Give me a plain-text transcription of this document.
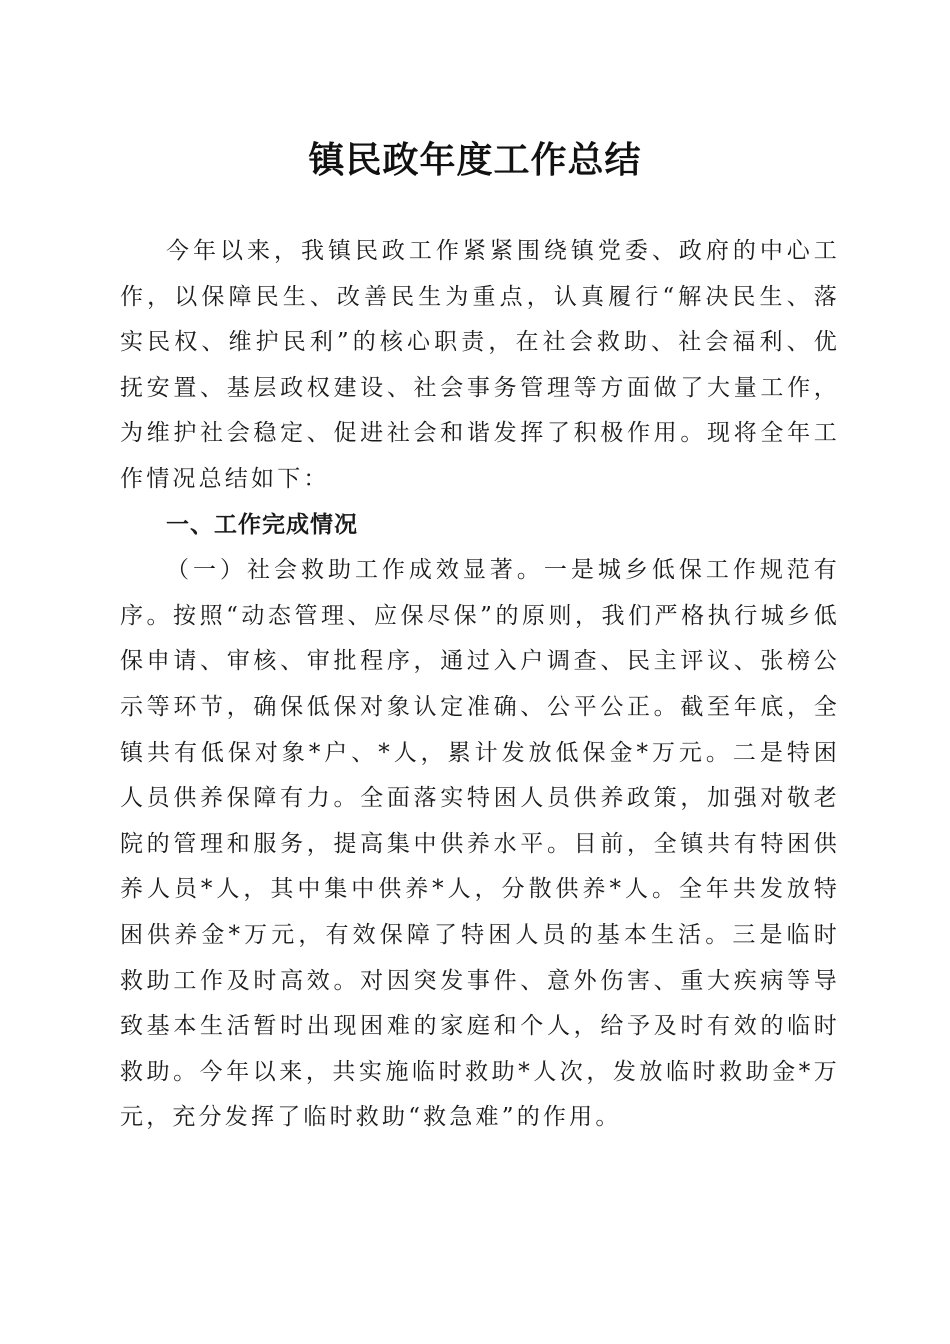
镇民政年度工作总结

今年以来，我镇民政工作紧紧围绕镇党委、政府的中心工作，以保障民生、改善民生为重点，认真履行“解决民生、落实民权、维护民利”的核心职责，在社会救助、社会福利、优抚安置、基层政权建设、社会事务管理等方面做了大量工作，为维护社会稳定、促进社会和谐发挥了积极作用。现将全年工作情况总结如下：

一、工作完成情况

（一）社会救助工作成效显著。一是城乡低保工作规范有序。按照“动态管理、应保尽保”的原则，我们严格执行城乡低保申请、审核、审批程序，通过入户调查、民主评议、张榜公示等环节，确保低保对象认定准确、公平公正。截至年底，全镇共有低保对象*户、*人，累计发放低保金*万元。二是特困人员供养保障有力。全面落实特困人员供养政策，加强对敬老院的管理和服务，提高集中供养水平。目前，全镇共有特困供养人员*人，其中集中供养*人，分散供养*人。全年共发放特困供养金*万元，有效保障了特困人员的基本生活。三是临时救助工作及时高效。对因突发事件、意外伤害、重大疾病等导致基本生活暂时出现困难的家庭和个人，给予及时有效的临时救助。今年以来，共实施临时救助*人次，发放临时救助金*万元，充分发挥了临时救助“救急难”的作用。
